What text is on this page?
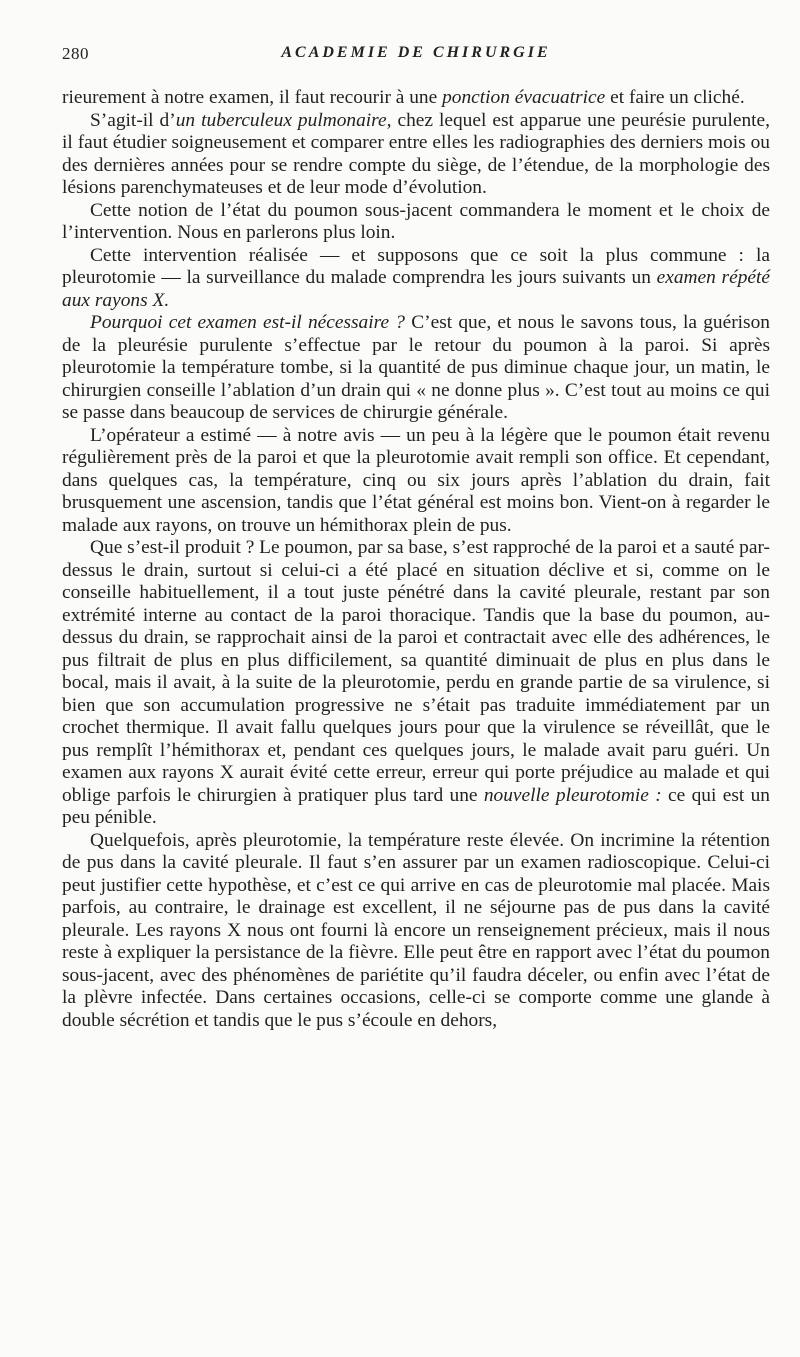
280	ACADEMIE DE CHIRURGIE

rieurement à notre examen, il faut recourir à une ponction évacuatrice et faire un cliché.

S’agit-il d’un tuberculeux pulmonaire, chez lequel est apparue une peurésie purulente, il faut étudier soigneusement et comparer entre elles les radiographies des derniers mois ou des dernières années pour se rendre compte du siège, de l’étendue, de la morphologie des lésions parenchymateuses et de leur mode d’évolution.

Cette notion de l’état du poumon sous-jacent commandera le moment et le choix de l’intervention. Nous en parlerons plus loin.

Cette intervention réalisée — et supposons que ce soit la plus commune : la pleurotomie — la surveillance du malade comprendra les jours suivants un examen répété aux rayons X.

Pourquoi cet examen est-il nécessaire ? C’est que, et nous le savons tous, la guérison de la pleurésie purulente s’effectue par le retour du poumon à la paroi. Si après pleurotomie la température tombe, si la quantité de pus diminue chaque jour, un matin, le chirurgien conseille l’ablation d’un drain qui « ne donne plus ». C’est tout au moins ce qui se passe dans beaucoup de services de chirurgie générale.

L’opérateur a estimé — à notre avis — un peu à la légère que le poumon était revenu régulièrement près de la paroi et que la pleurotomie avait rempli son office. Et cependant, dans quelques cas, la température, cinq ou six jours après l’ablation du drain, fait brusquement une ascension, tandis que l’état général est moins bon. Vient-on à regarder le malade aux rayons, on trouve un hémithorax plein de pus.

Que s’est-il produit ? Le poumon, par sa base, s’est rapproché de la paroi et a sauté par-dessus le drain, surtout si celui-ci a été placé en situation déclive et si, comme on le conseille habituellement, il a tout juste pénétré dans la cavité pleurale, restant par son extrémité interne au contact de la paroi thoracique. Tandis que la base du poumon, au-dessus du drain, se rapprochait ainsi de la paroi et contractait avec elle des adhérences, le pus filtrait de plus en plus difficilement, sa quantité diminuait de plus en plus dans le bocal, mais il avait, à la suite de la pleurotomie, perdu en grande partie de sa virulence, si bien que son accumulation progressive ne s’était pas traduite immédiatement par un crochet thermique. Il avait fallu quelques jours pour que la virulence se réveillât, que le pus remplît l’hémithorax et, pendant ces quelques jours, le malade avait paru guéri. Un examen aux rayons X aurait évité cette erreur, erreur qui porte préjudice au malade et qui oblige parfois le chirurgien à pratiquer plus tard une nouvelle pleurotomie : ce qui est un peu pénible.

Quelquefois, après pleurotomie, la température reste élevée. On incrimine la rétention de pus dans la cavité pleurale. Il faut s’en assurer par un examen radioscopique. Celui-ci peut justifier cette hypothèse, et c’est ce qui arrive en cas de pleurotomie mal placée. Mais parfois, au contraire, le drainage est excellent, il ne séjourne pas de pus dans la cavité pleurale. Les rayons X nous ont fourni là encore un renseignement précieux, mais il nous reste à expliquer la persistance de la fièvre. Elle peut être en rapport avec l’état du poumon sous-jacent, avec des phénomènes de pariétite qu’il faudra déceler, ou enfin avec l’état de la plèvre infectée. Dans certaines occasions, celle-ci se comporte comme une glande à double sécrétion et tandis que le pus s’écoule en dehors,
